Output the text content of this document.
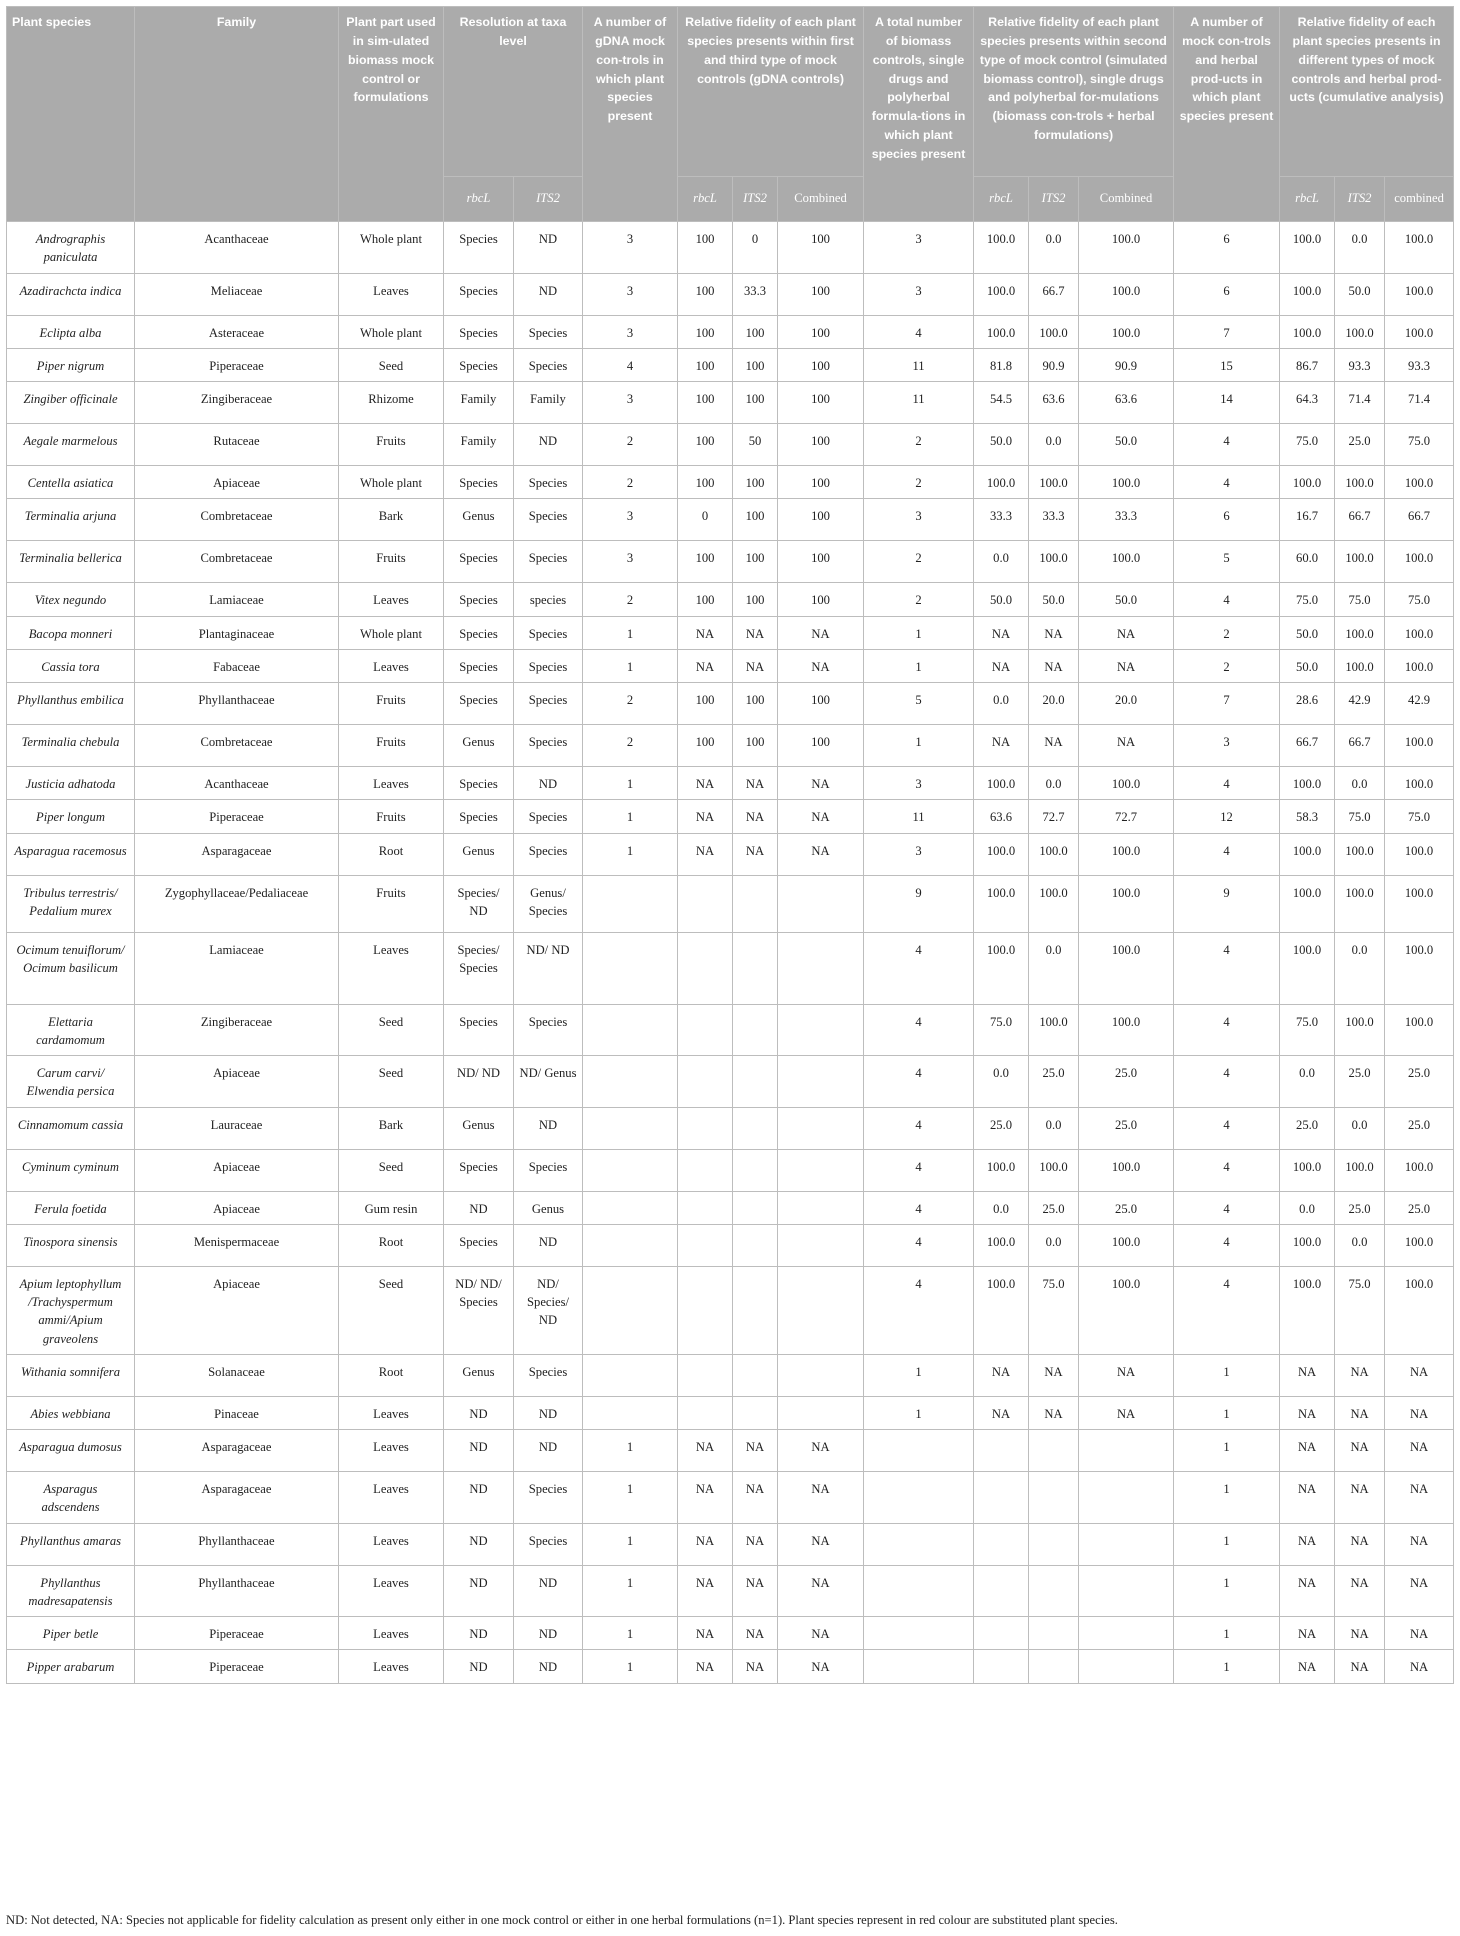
Plant species	Family	Plant part used in sim-ulated biomass mock control or formulations	Resolution at taxa level		A number of gDNA mock con-trols in which plant species present	Relative fidelity of each plant species presents within first and third type of mock controls (gDNA controls)			A total number of biomass controls, single drugs and polyherbal formula-tions in which plant species present	Relative fidelity of each plant species presents within second type of mock control (simulated biomass control), single drugs and polyherbal for-mulations (biomass con-trols + herbal formulations)			A number of mock con-trols and herbal prod-ucts in which plant species present	Relative fidelity of each plant species presents in different types of mock controls and herbal prod-ucts (cumulative analysis)		
			rbcL	ITS2		rbcL	ITS2	Combined		rbcL	ITS2	Combined		rbcL	ITS2	combined
Andrographis paniculata	Acanthaceae	Whole plant	Species	ND	3	100	0	100	3	100.0	0.0	100.0	6	100.0	0.0	100.0
Azadirachcta indica	Meliaceae	Leaves	Species	ND	3	100	33.3	100	3	100.0	66.7	100.0	6	100.0	50.0	100.0
Eclipta alba	Asteraceae	Whole plant	Species	Species	3	100	100	100	4	100.0	100.0	100.0	7	100.0	100.0	100.0
Piper nigrum	Piperaceae	Seed	Species	Species	4	100	100	100	11	81.8	90.9	90.9	15	86.7	93.3	93.3
Zingiber officinale	Zingiberaceae	Rhizome	Family	Family	3	100	100	100	11	54.5	63.6	63.6	14	64.3	71.4	71.4
Aegale marmelous	Rutaceae	Fruits	Family	ND	2	100	50	100	2	50.0	0.0	50.0	4	75.0	25.0	75.0
Centella asiatica	Apiaceae	Whole plant	Species	Species	2	100	100	100	2	100.0	100.0	100.0	4	100.0	100.0	100.0
Terminalia arjuna	Combretaceae	Bark	Genus	Species	3	0	100	100	3	33.3	33.3	33.3	6	16.7	66.7	66.7
Terminalia bellerica	Combretaceae	Fruits	Species	Species	3	100	100	100	2	0.0	100.0	100.0	5	60.0	100.0	100.0
Vitex negundo	Lamiaceae	Leaves	Species	species	2	100	100	100	2	50.0	50.0	50.0	4	75.0	75.0	75.0
Bacopa monneri	Plantaginaceae	Whole plant	Species	Species	1	NA	NA	NA	1	NA	NA	NA	2	50.0	100.0	100.0
Cassia tora	Fabaceae	Leaves	Species	Species	1	NA	NA	NA	1	NA	NA	NA	2	50.0	100.0	100.0
Phyllanthus embilica	Phyllanthaceae	Fruits	Species	Species	2	100	100	100	5	0.0	20.0	20.0	7	28.6	42.9	42.9
Terminalia chebula	Combretaceae	Fruits	Genus	Species	2	100	100	100	1	NA	NA	NA	3	66.7	66.7	100.0
Justicia adhatoda	Acanthaceae	Leaves	Species	ND	1	NA	NA	NA	3	100.0	0.0	100.0	4	100.0	0.0	100.0
Piper longum	Piperaceae	Fruits	Species	Species	1	NA	NA	NA	11	63.6	72.7	72.7	12	58.3	75.0	75.0
Asparagua racemosus	Asparagaceae	Root	Genus	Species	1	NA	NA	NA	3	100.0	100.0	100.0	4	100.0	100.0	100.0
Tribulus terrestris/ Pedalium murex	Zygophyllaceae/Pedaliaceae	Fruits	Species/ ND	Genus/ Species					9	100.0	100.0	100.0	9	100.0	100.0	100.0
Ocimum tenuiflorum/ Ocimum basilicum	Lamiaceae	Leaves	Species/ Species	ND/ ND					4	100.0	0.0	100.0	4	100.0	0.0	100.0
Elettaria cardamomum	Zingiberaceae	Seed	Species	Species					4	75.0	100.0	100.0	4	75.0	100.0	100.0
Carum carvi/ Elwendia persica	Apiaceae	Seed	ND/ ND	ND/ Genus					4	0.0	25.0	25.0	4	0.0	25.0	25.0
Cinnamomum cassia	Lauraceae	Bark	Genus	ND					4	25.0	0.0	25.0	4	25.0	0.0	25.0
Cyminum cyminum	Apiaceae	Seed	Species	Species					4	100.0	100.0	100.0	4	100.0	100.0	100.0
Ferula foetida	Apiaceae	Gum resin	ND	Genus					4	0.0	25.0	25.0	4	0.0	25.0	25.0
Tinospora sinensis	Menispermaceae	Root	Species	ND					4	100.0	0.0	100.0	4	100.0	0.0	100.0
Apium leptophyllum /Trachyspermum ammi/Apium graveolens	Apiaceae	Seed	ND/ ND/ Species	ND/ Species/ ND					4	100.0	75.0	100.0	4	100.0	75.0	100.0
Withania somnifera	Solanaceae	Root	Genus	Species					1	NA	NA	NA	1	NA	NA	NA
Abies webbiana	Pinaceae	Leaves	ND	ND					1	NA	NA	NA	1	NA	NA	NA
Asparagua dumosus	Asparagaceae	Leaves	ND	ND	1	NA	NA	NA					1	NA	NA	NA
Asparagus adscendens	Asparagaceae	Leaves	ND	Species	1	NA	NA	NA					1	NA	NA	NA
Phyllanthus amaras	Phyllanthaceae	Leaves	ND	Species	1	NA	NA	NA					1	NA	NA	NA
Phyllanthus madresapatensis	Phyllanthaceae	Leaves	ND	ND	1	NA	NA	NA					1	NA	NA	NA
Piper betle	Piperaceae	Leaves	ND	ND	1	NA	NA	NA					1	NA	NA	NA
Pipper arabarum	Piperaceae	Leaves	ND	ND	1	NA	NA	NA					1	NA	NA	NA
ND: Not detected, NA: Species not applicable for fidelity calculation as present only either in one mock control or either in one herbal formulations (n=1). Plant species represent in red colour are substituted plant species.
